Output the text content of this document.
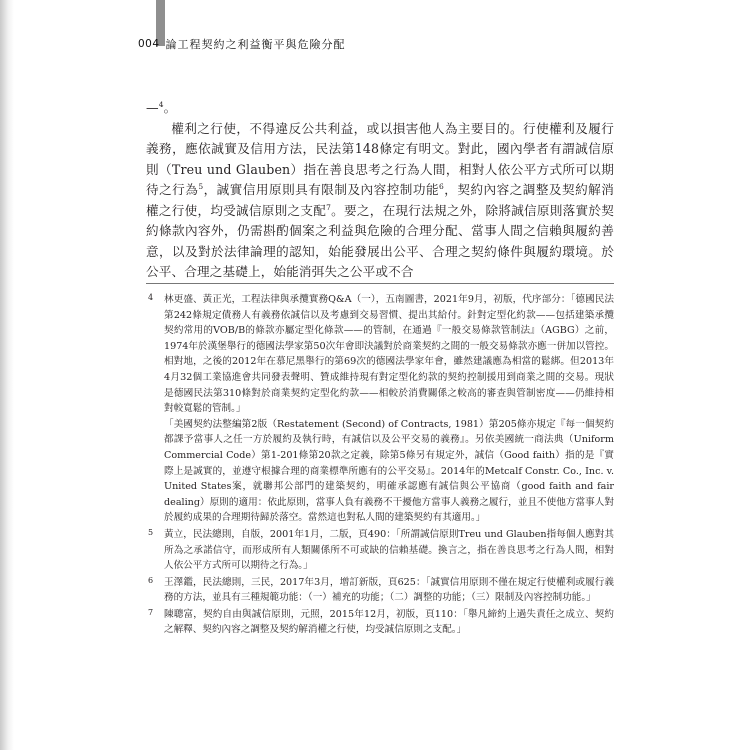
004 論工程契約之利益衡平與危險分配

—$^4$。

權利之行使，不得違反公共利益，或以損害他人為主要目的。行使權利及履行義務，應依誠實及信用方法，民法第148條定有明文。對此，國內學者有謂誠信原則（Treu und Glauben）指在善良思考之行為人間，相對人依公平方式所可以期待之行為$^5$，誠實信用原則具有限制及內容控制功能$^6$，契約內容之調整及契約解消權之行使，均受誠信原則之支配$^7$。要之，在現行法規之外，除將誠信原則落實於契約條款內容外，仍需斟酌個案之利益與危險的合理分配、當事人間之信賴與履約善意，以及對於法律論理的認知，始能發展出公平、合理之契約條件與履約環境。於公平、合理之基礎上，始能消弭失之公平或不合

4 林更盛、黃正光，工程法律與承攬實務Q&A（一），五南圖書，2021年9月，初版，代序部分：「德國民法第242條規定債務人有義務依誠信以及考慮到交易習慣、提出其給付。針對定型化約款——包括建築承攬契約常用的VOB/B的條款亦屬定型化條款——的管制，在通過『一般交易條款管制法』（AGBG）之前，1974年於漢堡舉行的德國法學家第50次年會即決議對於商業契約之間的一般交易條款亦應一併加以管控。相對地，之後的2012年在慕尼黑舉行的第69次的德國法學家年會，雖然建議應為相當的鬆綁。但2013年4月32個工業協進會共同發表聲明、贊成維持現有對定型化約款的契約控制援用到商業之間的交易。現狀是德國民法第310條對於商業契約定型化約款——相較於消費關係之較高的審查與管制密度——仍維持相對較寬鬆的管制。」
「美國契約法整編第2版（Restatement (Second) of Contracts, 1981）第205條亦規定『每一個契約都課予當事人之任一方於履約及執行時，有誠信以及公平交易的義務』。另依美國統一商法典（Uniform Commercial Code）第1-201條第20款之定義，除第5條另有規定外，誠信（Good faith）指的是『實際上是誠實的，並遵守根據合理的商業標準所應有的公平交易』。2014年的Metcalf Constr. Co., Inc. v. United States案，就聯邦公部門的建築契約，明確承認應有誠信與公平協商（good faith and fair dealing）原則的適用：依此原則，當事人負有義務不干擾他方當事人義務之履行，並且不使他方當事人對於履約成果的合理期待歸於落空。當然這也對私人間的建築契約有其適用。」
5 黃立，民法總則，自版，2001年1月，二版，頁490：「所謂誠信原則Treu und Glauben指每個人應對其所為之承諾信守，而形成所有人類關係所不可或缺的信賴基礎。換言之，指在善良思考之行為人間，相對人依公平方式所可以期待之行為。」
6 王澤鑑，民法總則，三民，2017年3月，增訂新版，頁625：「誠實信用原則不僅在規定行使權利或履行義務的方法，並具有三種規範功能：（一）補充的功能；（二）調整的功能；（三）限制及內容控制功能。」
7 陳聰富，契約自由與誠信原則，元照，2015年12月，初版，頁110：「舉凡締約上過失責任之成立、契約之解釋、契約內容之調整及契約解消權之行使，均受誠信原則之支配。」
